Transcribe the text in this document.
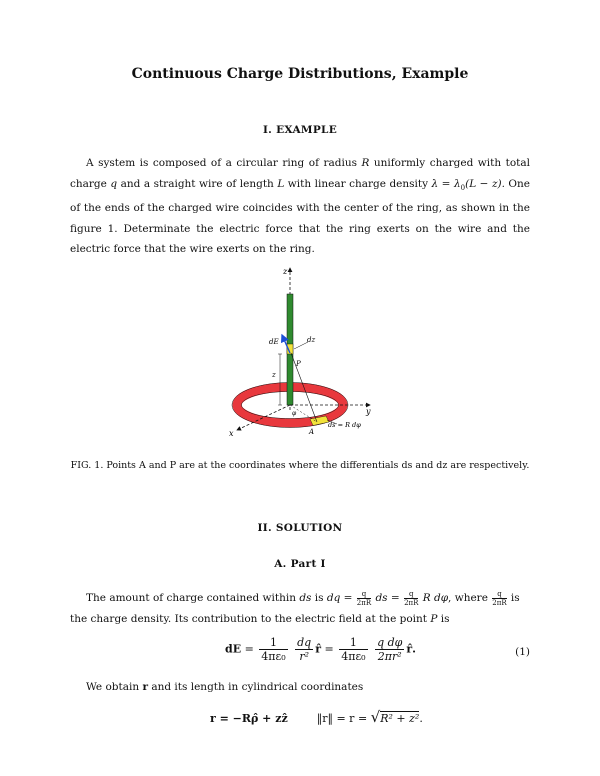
Continuous Charge Distributions, Example
I. EXAMPLE
A system is composed of a circular ring of radius R uniformly charged with total charge q and a straight wire of length L with linear charge density $\lambda = \lambda_0(L - z)$. One of the ends of the charged wire coincides with the center of the ring, as shown in the figure 1. Determinate the electric force that the ring exerts on the wire and the electric force that the wire exerts on the ring.
z
x
y
dE	dz
P
z
φ
A
ds = R dφ
FIG. 1. Points A and P are at the coordinates where the differentials ds and dz are respectively.
II. SOLUTION
A. Part I
The amount of charge contained within ds is dq = $\frac{q}{2\pi R}$ ds = $\frac{q}{2\pi R}$ R dφ, where $\frac{q}{2\pi R}$ is the charge density. Its contribution to the electric field at the point P is
dE = $\frac{1}{\text{4πε₀}}$
$\frac{dq}{\text{r²}}$ r̂ = $\frac{1}{\text{4πε₀}}$
$\frac{\text{q dφ}}{\text{2πr²}}$ r̂.	(1)
We obtain r and its length in cylindrical coordinates
r = −Rρ̂ + zẑ	‖r‖ = r = √R² + z².
